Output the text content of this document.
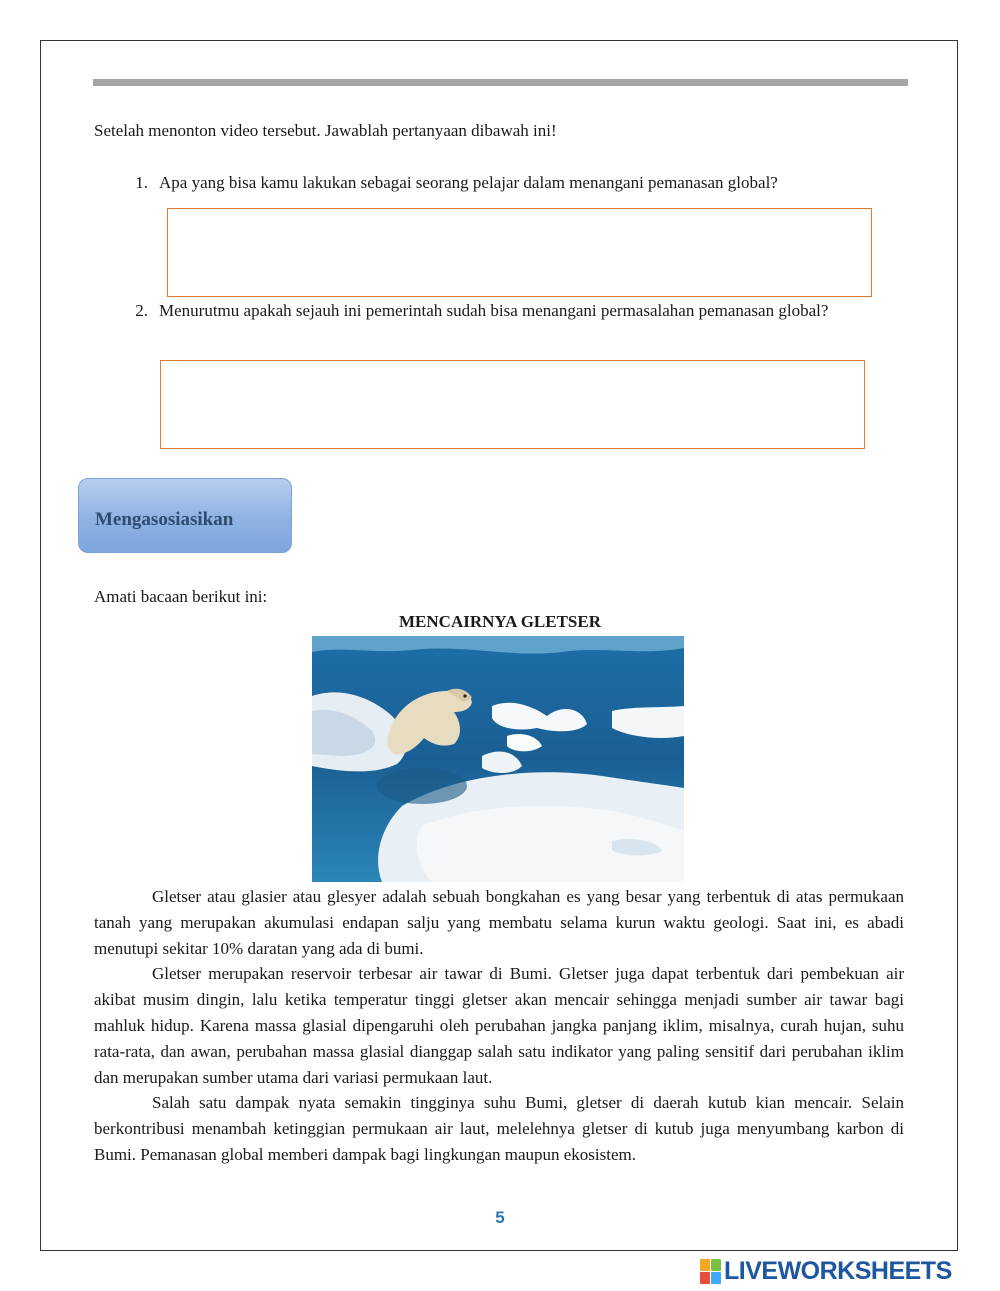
Setelah menonton video tersebut. Jawablah pertanyaan dibawah ini!
1. Apa yang bisa kamu lakukan sebagai seorang pelajar dalam menangani pemanasan global?
2. Menurutmu apakah sejauh ini pemerintah sudah bisa menangani permasalahan pemanasan global?
Mengasosiasikan
Amati bacaan berikut ini:
MENCAIRNYA GLETSER

Gletser atau glasier atau glesyer adalah sebuah bongkahan es yang besar yang terbentuk di atas permukaan tanah yang merupakan akumulasi endapan salju yang membatu selama kurun waktu geologi. Saat ini, es abadi menutupi sekitar 10% daratan yang ada di bumi.

Gletser merupakan reservoir terbesar air tawar di Bumi. Gletser juga dapat terbentuk dari pembekuan air akibat musim dingin, lalu ketika temperatur tinggi gletser akan mencair sehingga menjadi sumber air tawar bagi mahluk hidup. Karena massa glasial dipengaruhi oleh perubahan jangka panjang iklim, misalnya, curah hujan, suhu rata-rata, dan awan, perubahan massa glasial dianggap salah satu indikator yang paling sensitif dari perubahan iklim dan merupakan sumber utama dari variasi permukaan laut.

Salah satu dampak nyata semakin tingginya suhu Bumi, gletser di daerah kutub kian mencair. Selain berkontribusi menambah ketinggian permukaan air laut, melelehnya gletser di kutub juga menyumbang karbon di Bumi. Pemanasan global memberi dampak bagi lingkungan maupun ekosistem.

5
LIVEWORKSHEETS
